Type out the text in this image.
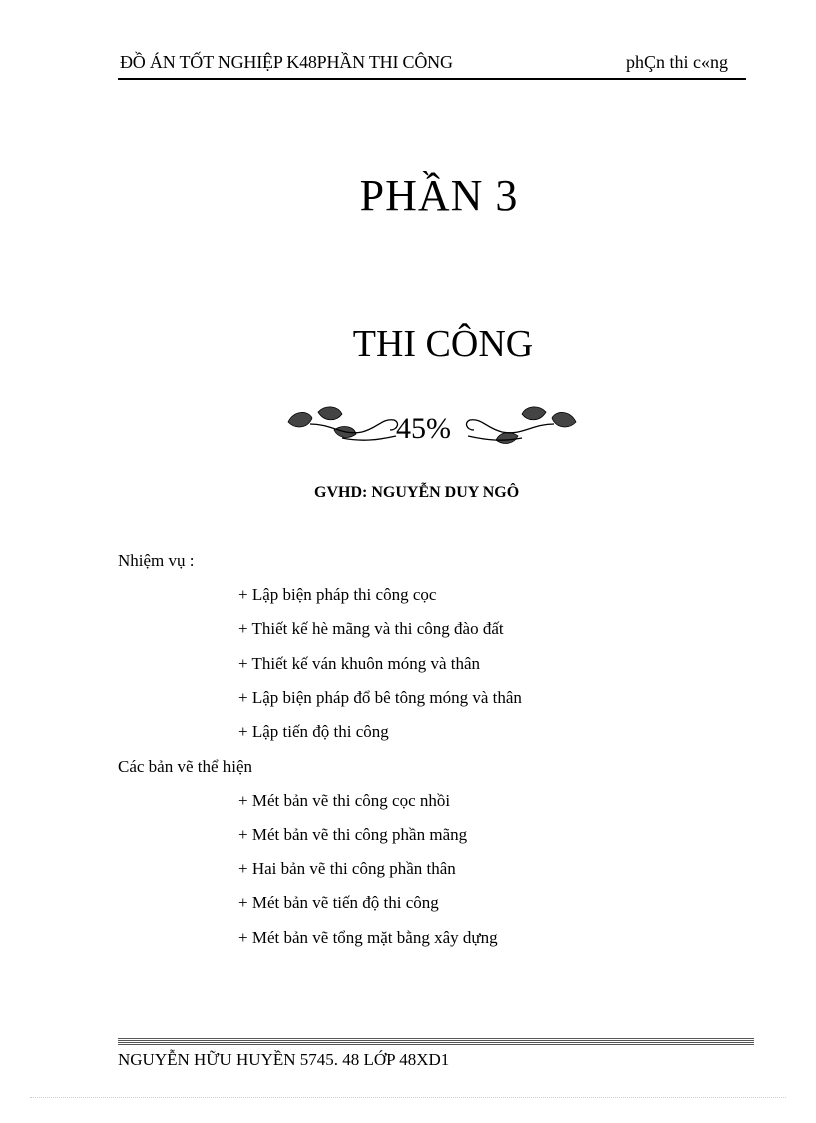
ĐỒ ÁN TỐT NGHIỆP K48PHẦN THI CÔNG	phÇn thi c«ng
PHẦN 3
THI CÔNG
45%
GVHD: NGUYỄN DUY NGÔ
Nhiệm vụ :
+ Lập biện pháp thi công cọc
+ Thiết kế hè mãng và thi công đào đất
+ Thiết kế ván khuôn móng và thân
+ Lập biện pháp đổ bê tông móng và thân
+ Lập tiến độ thi công
Các bản vẽ thể hiện
+ Mét bản vẽ thi công cọc nhồi
+ Mét bản vẽ thi công phần mãng
+ Hai bản vẽ thi công phần thân
+ Mét bản vẽ tiến độ thi công
+ Mét bản vẽ tổng mặt bằng xây dựng
NGUYỄN HỮU HUYỀN 5745. 48 LỚP 48XD1
